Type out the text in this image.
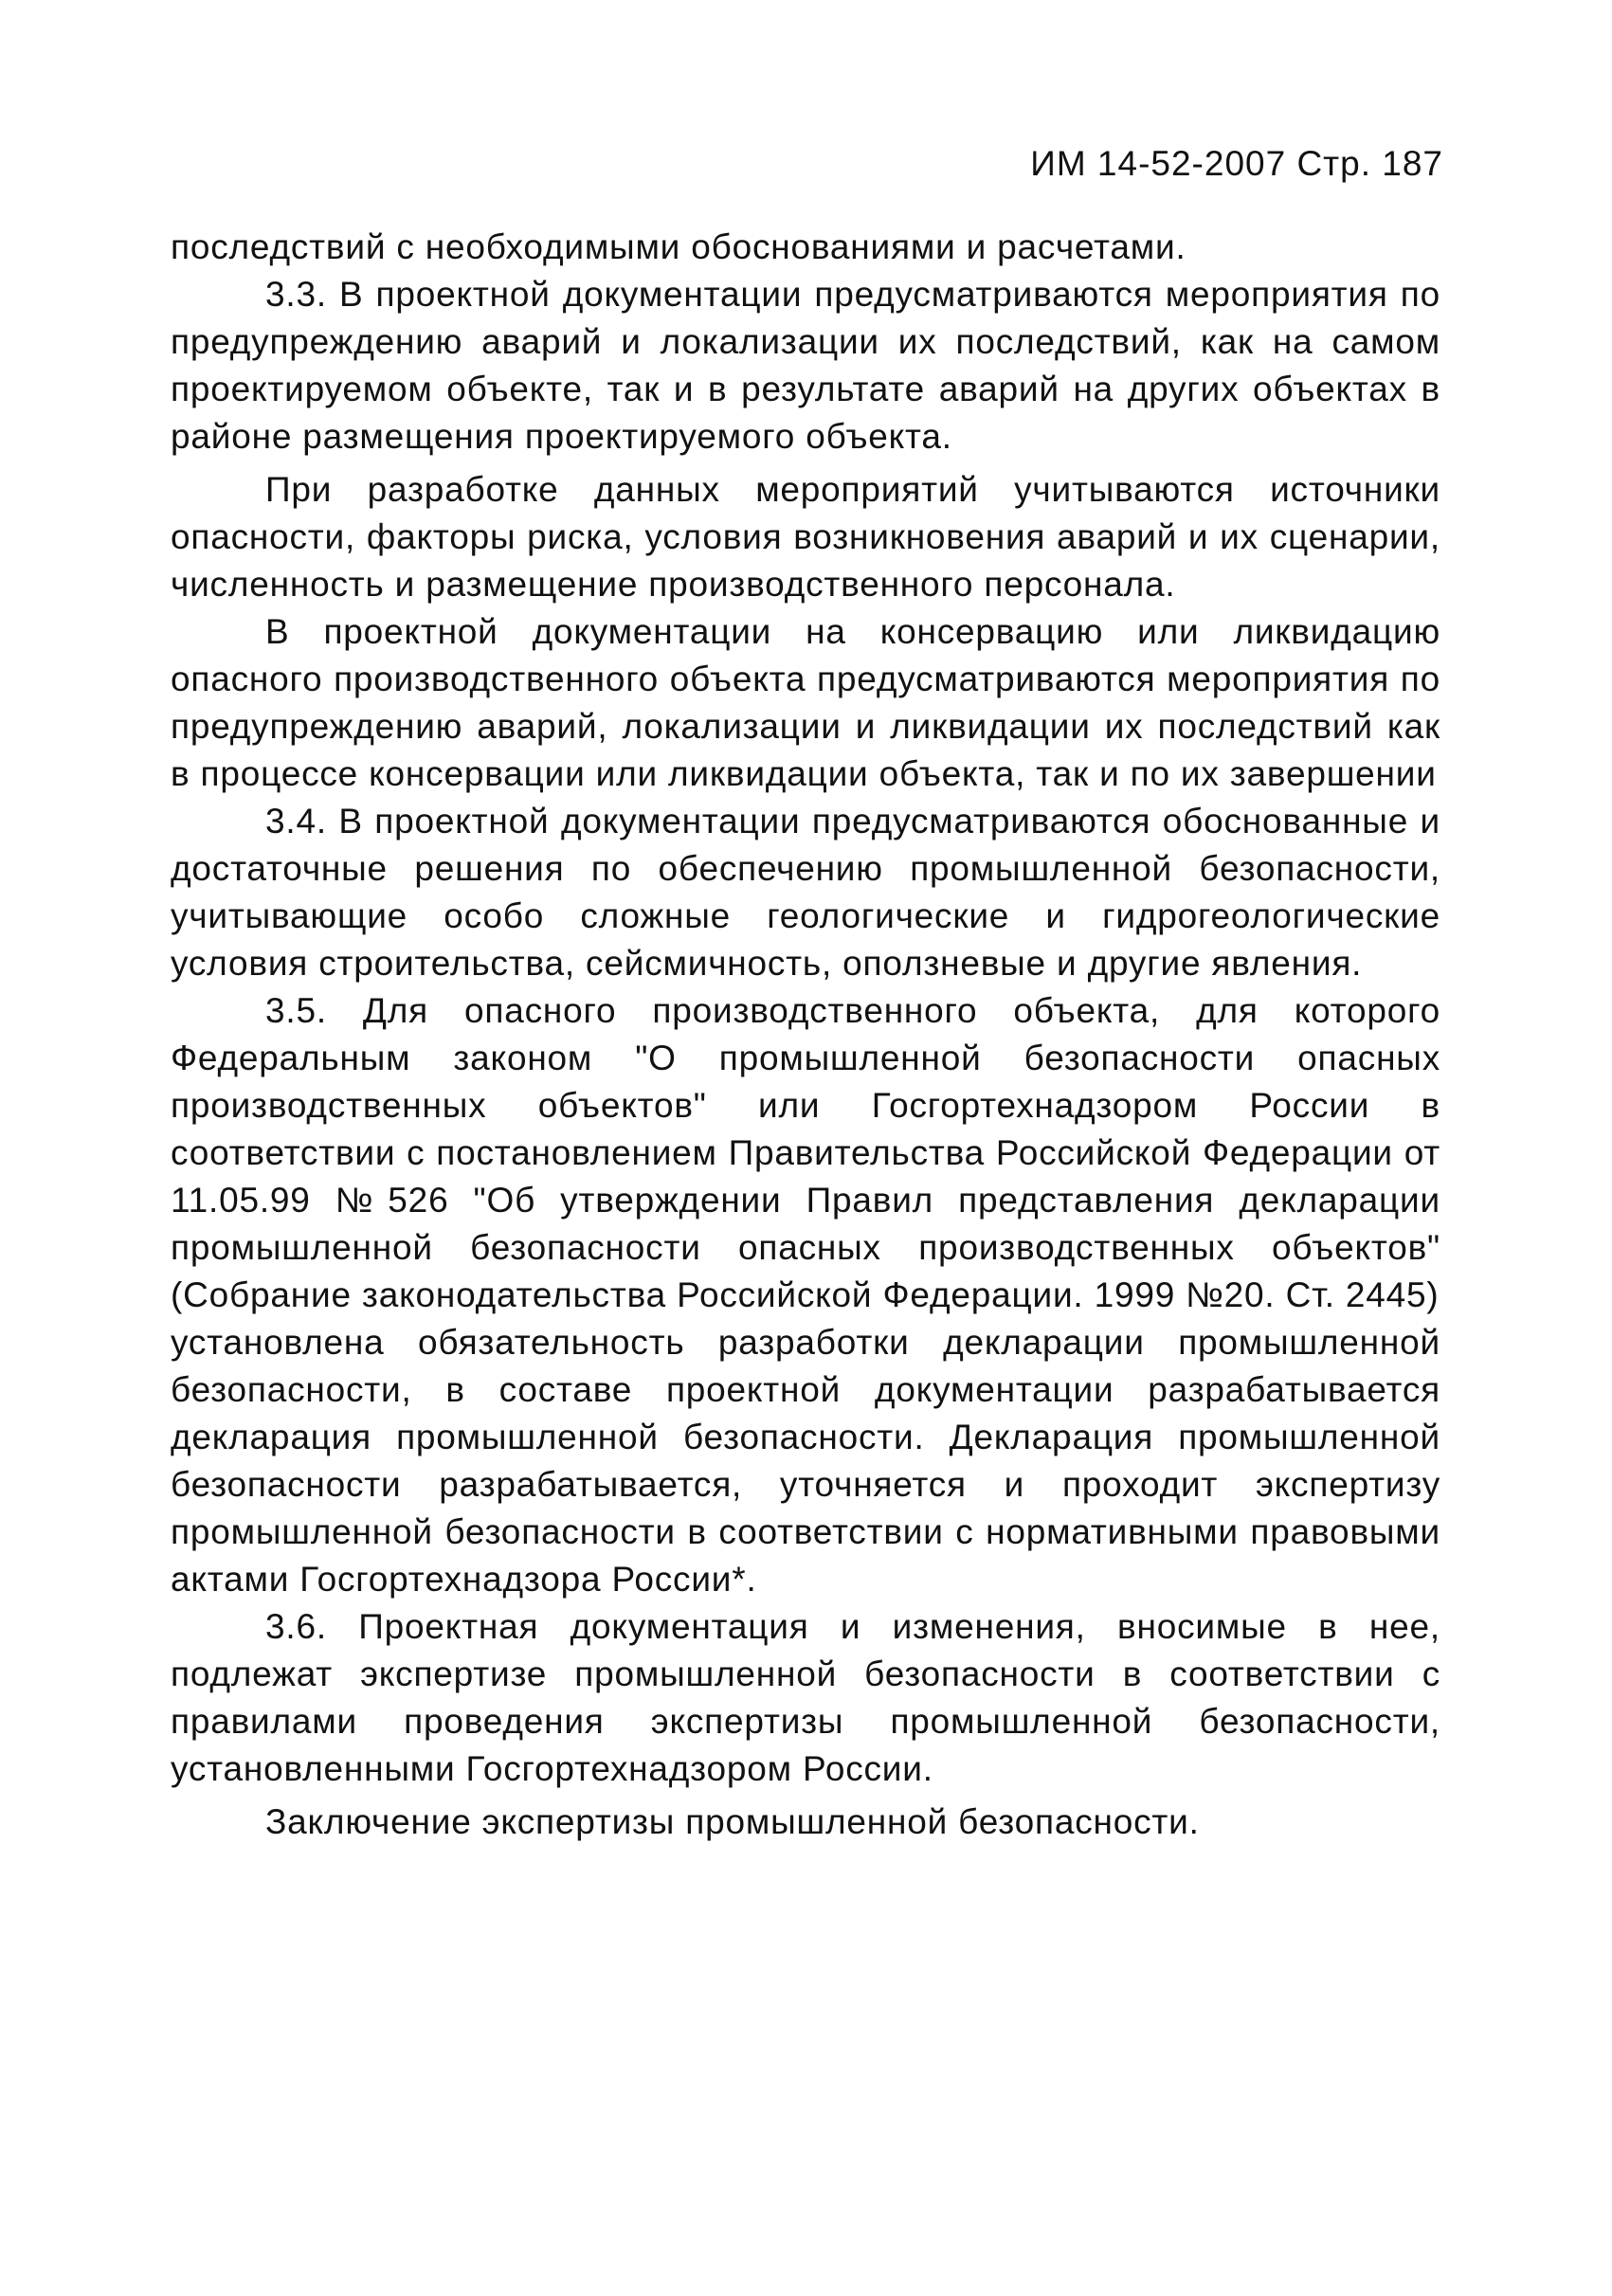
ИМ 14-52-2007 Стр. 187

последствий с необходимыми обоснованиями и расчетами.

3.3. В проектной документации предусматриваются мероприятия по предупреждению аварий и локализации их последствий, как на самом проектируемом объекте, так и в результате аварий на других объектах в районе размещения проектируемого объекта.

При разработке данных мероприятий учитываются источники опасности, факторы риска, условия возникновения аварий и их сценарии, численность и размещение производственного персонала.

В проектной документации на консервацию или ликвидацию опасного производственного объекта предусматриваются мероприятия по предупреждению аварий, локализации и ликвидации их последствий как в процессе консервации или ликвидации объекта, так и по их завершении

3.4. В проектной документации предусматриваются обоснованные и достаточные решения по обеспечению промышленной безопасности, учитывающие особо сложные геологические и гидрогеологические условия строительства, сейсмичность, оползневые и другие явления.

3.5. Для опасного производственного объекта, для которого Федеральным законом "О промышленной безопасности опасных производственных объектов" или Госгортехнадзором России в соответствии с постановлением Правительства Российской Федерации от 11.05.99 №526 "Об утверждении Правил представления декларации промышленной безопасности опасных производственных объектов" (Собрание законодательства Российской Федерации. 1999 №20. Ст. 2445)

установлена обязательность разработки декларации промышленной безопасности, в составе проектной документации разрабатывается декларация промышленной безопасности. Декларация промышленной безопасности разрабатывается, уточняется и проходит экспертизу промышленной безопасности в соответствии с нормативными правовыми актами Госгортехнадзора России*.

3.6. Проектная документация и изменения, вносимые в нее, подлежат экспертизе промышленной безопасности в соответствии с правилами проведения экспертизы промышленной безопасности, установленными Госгортехнадзором России.

Заключение экспертизы промышленной безопасности.
